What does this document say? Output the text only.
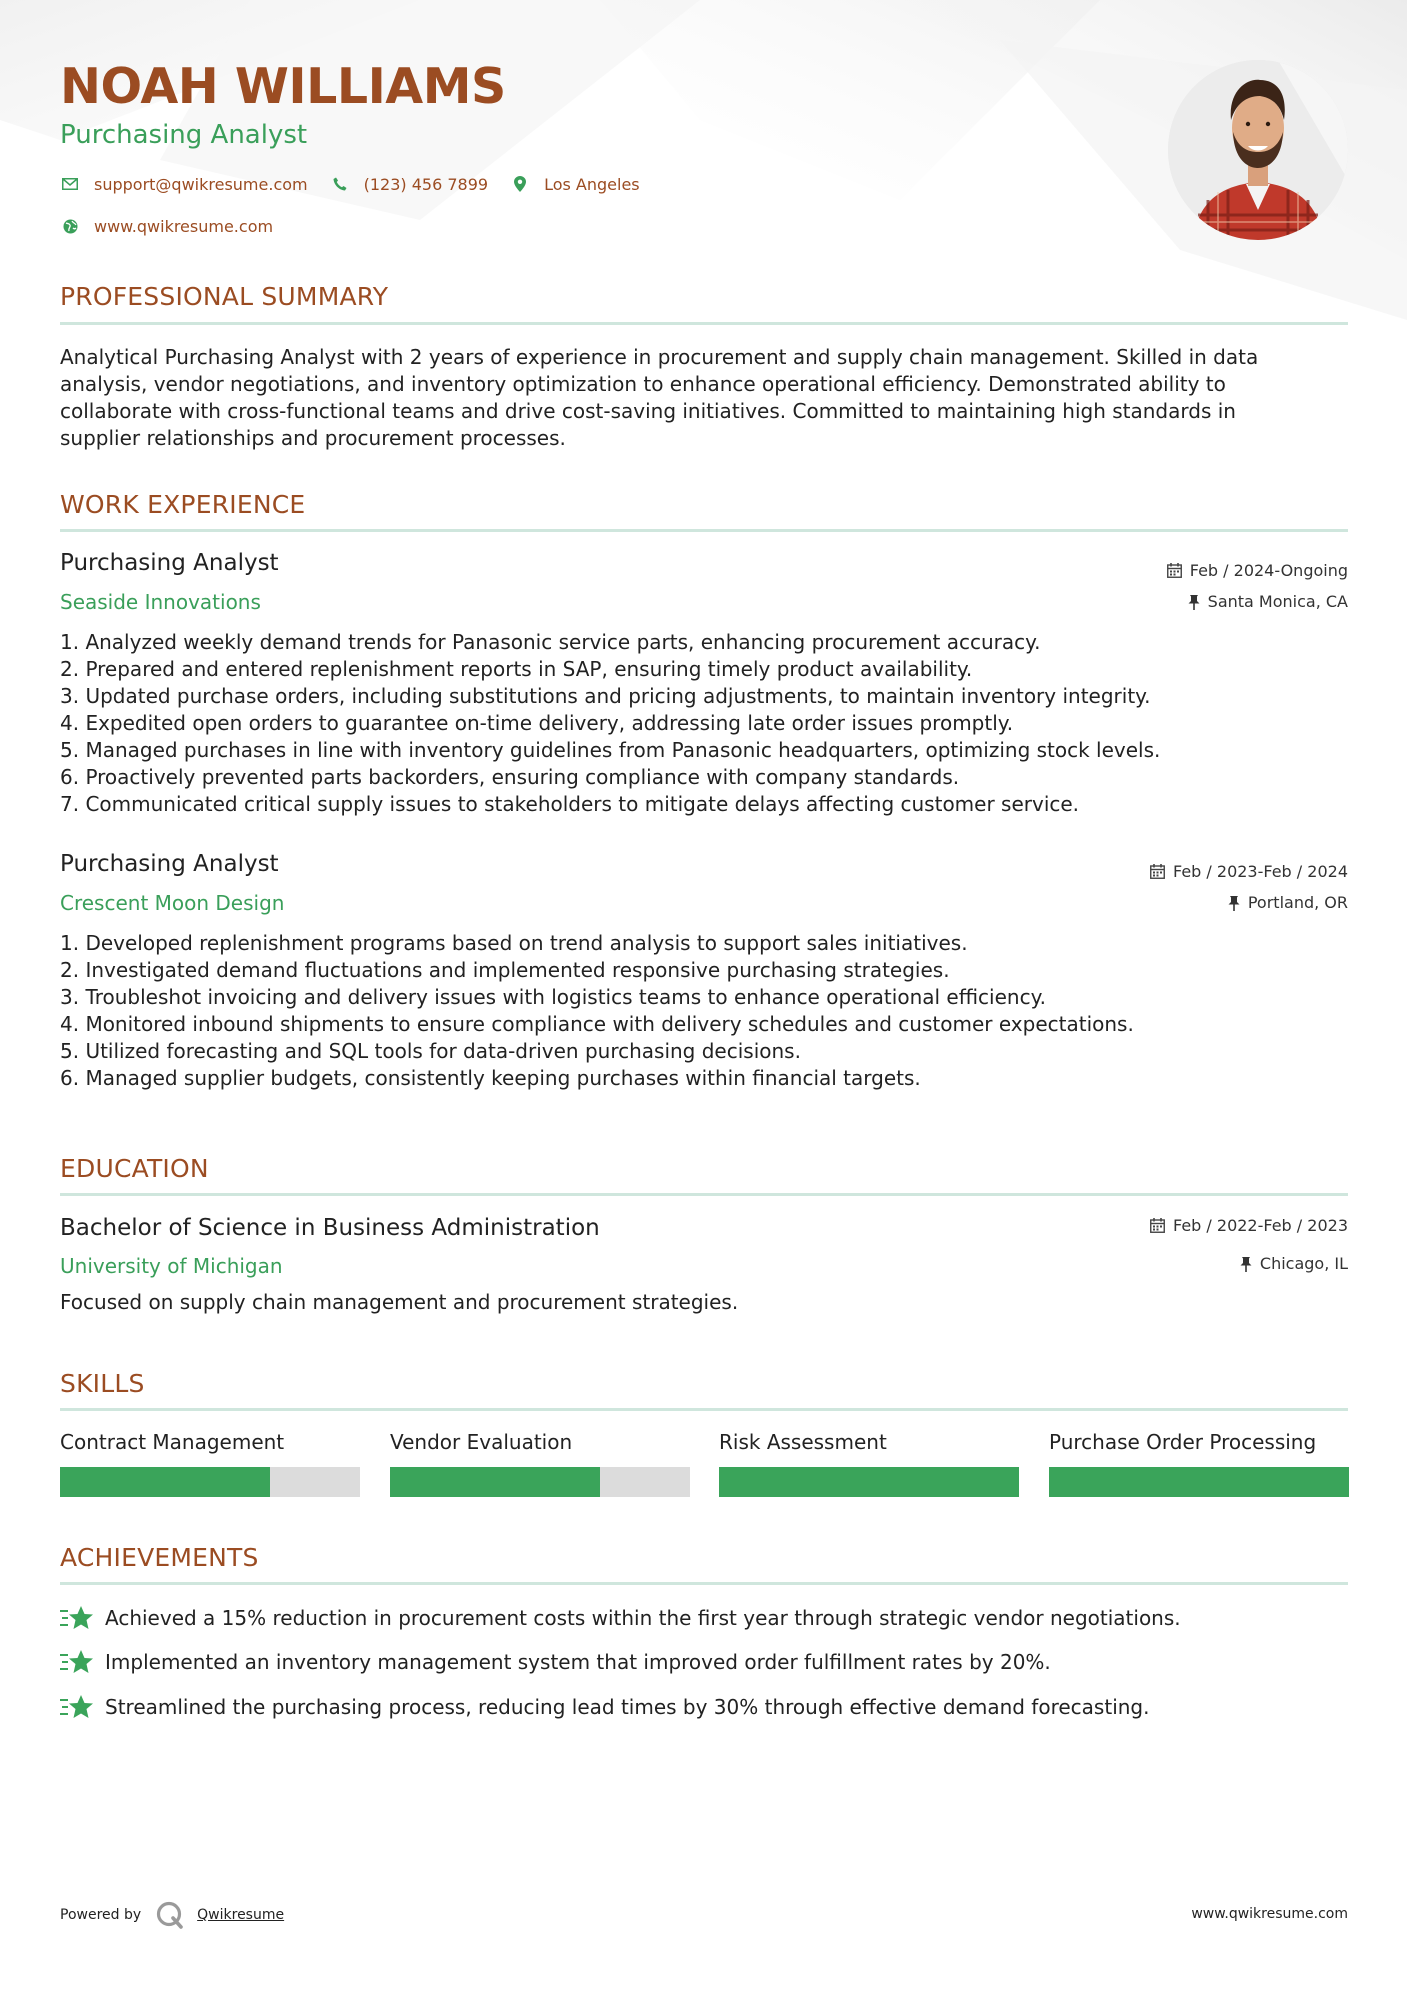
NOAH WILLIAMS
Purchasing Analyst
support@qwikresume.com	(123) 456 7899	Los Angeles
www.qwikresume.com
PROFESSIONAL SUMMARY
Analytical Purchasing Analyst with 2 years of experience in procurement and supply chain management. Skilled in data
analysis, vendor negotiations, and inventory optimization to enhance operational efficiency. Demonstrated ability to
collaborate with cross-functional teams and drive cost-saving initiatives. Committed to maintaining high standards in
supplier relationships and procurement processes.
WORK EXPERIENCE
Purchasing Analyst
Seaside Innovations
Feb / 2024-Ongoing
Santa Monica, CA
1. Analyzed weekly demand trends for Panasonic service parts, enhancing procurement accuracy.
2. Prepared and entered replenishment reports in SAP, ensuring timely product availability.
3. Updated purchase orders, including substitutions and pricing adjustments, to maintain inventory integrity.
4. Expedited open orders to guarantee on-time delivery, addressing late order issues promptly.
5. Managed purchases in line with inventory guidelines from Panasonic headquarters, optimizing stock levels.
6. Proactively prevented parts backorders, ensuring compliance with company standards.
7. Communicated critical supply issues to stakeholders to mitigate delays affecting customer service.
Purchasing Analyst
Crescent Moon Design
Feb / 2023-Feb / 2024
Portland, OR
1. Developed replenishment programs based on trend analysis to support sales initiatives.
2. Investigated demand fluctuations and implemented responsive purchasing strategies.
3. Troubleshot invoicing and delivery issues with logistics teams to enhance operational efficiency.
4. Monitored inbound shipments to ensure compliance with delivery schedules and customer expectations.
5. Utilized forecasting and SQL tools for data-driven purchasing decisions.
6. Managed supplier budgets, consistently keeping purchases within financial targets.
EDUCATION
Bachelor of Science in Business Administration
University of Michigan
Feb / 2022-Feb / 2023
Chicago, IL
Focused on supply chain management and procurement strategies.
SKILLS
Contract Management	Vendor Evaluation	Risk Assessment	Purchase Order Processing
ACHIEVEMENTS
Achieved a 15% reduction in procurement costs within the first year through strategic vendor negotiations.
Implemented an inventory management system that improved order fulfillment rates by 20%.
Streamlined the purchasing process, reducing lead times by 30% through effective demand forecasting.
Powered by	Qwikresume	www.qwikresume.com
